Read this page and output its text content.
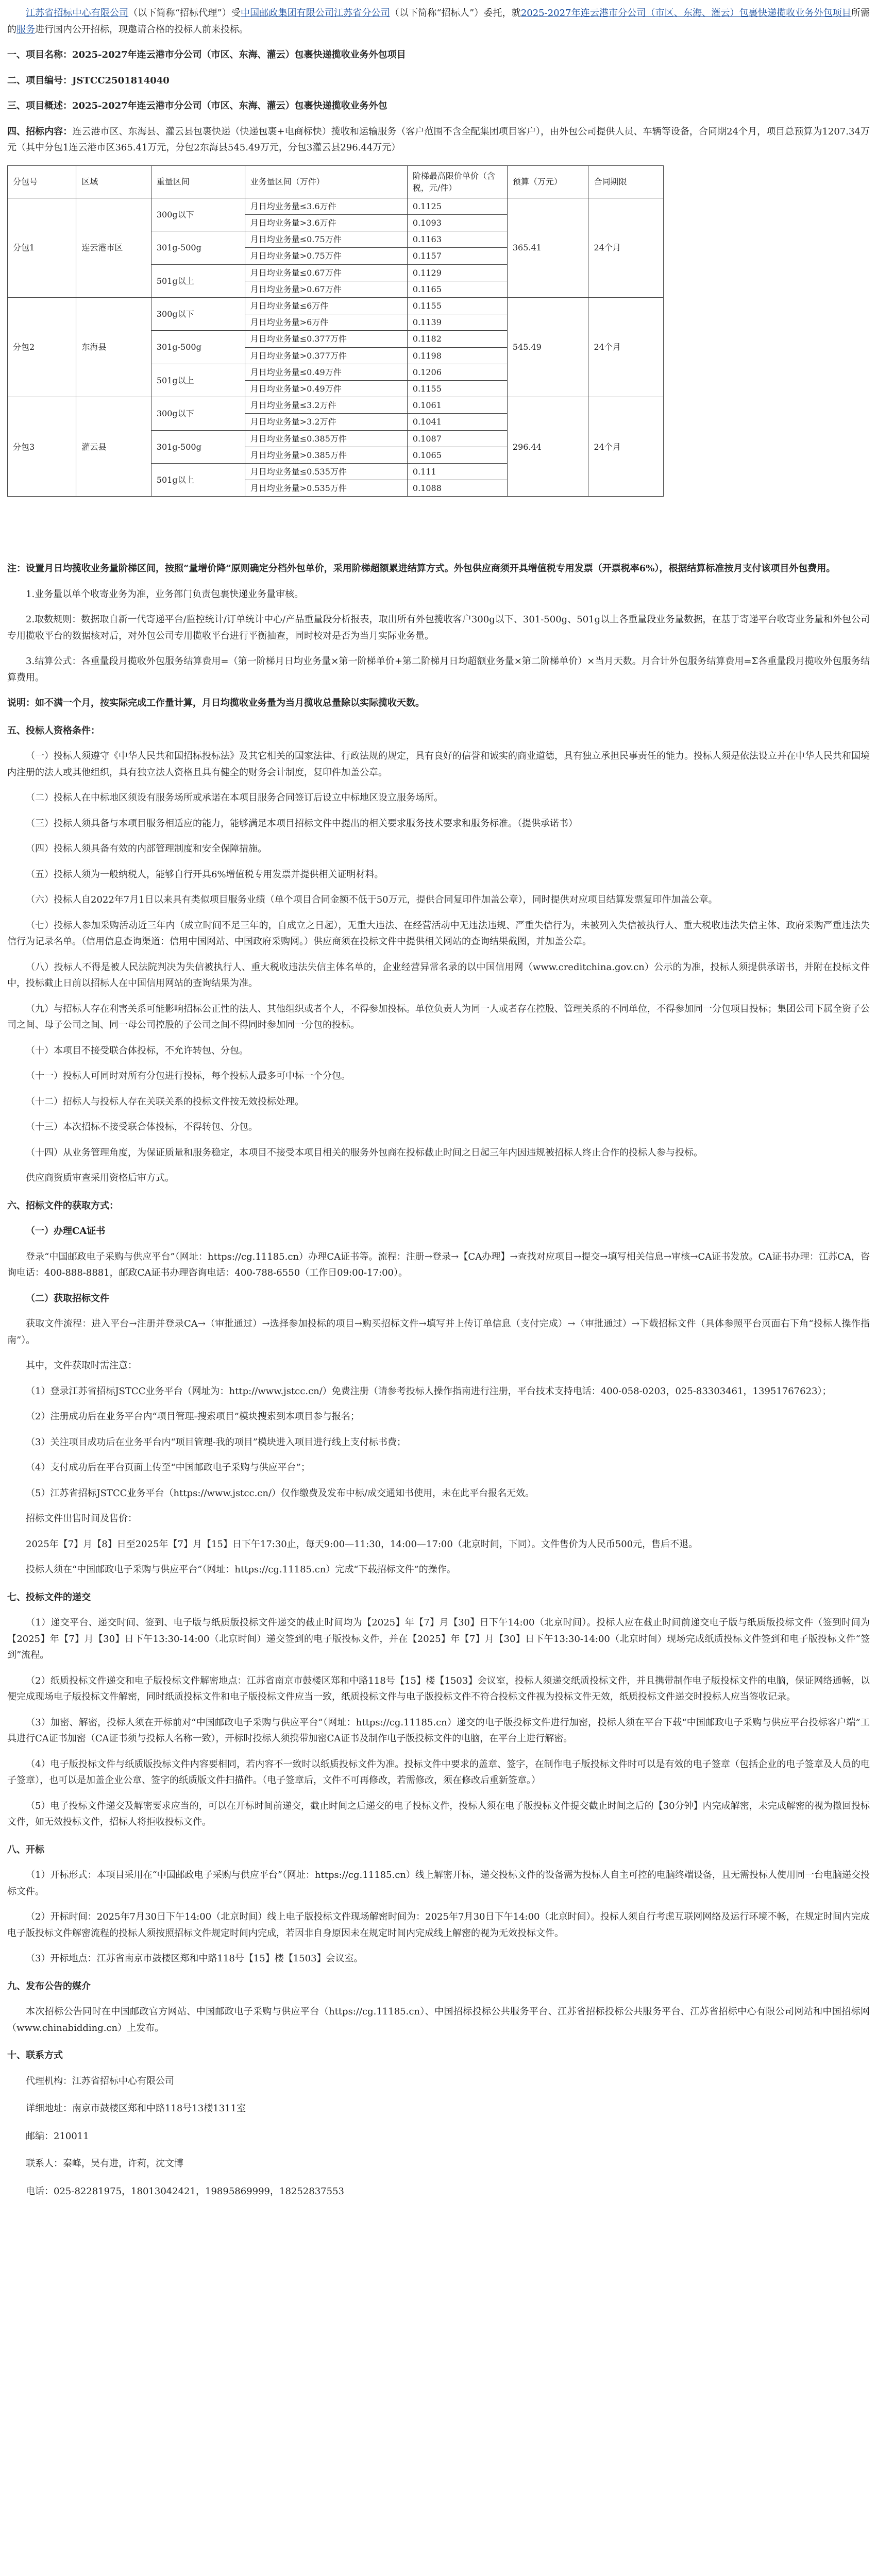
江苏省招标中心有限公司（以下简称“招标代理”）受中国邮政集团有限公司江苏省分公司（以下简称“招标人”）委托，就2025-2027年连云港市分公司（市区、东海、灌云）包裹快递揽收业务外包项目所需的服务进行国内公开招标，现邀请合格的投标人前来投标。

一、项目名称：2025-2027年连云港市分公司（市区、东海、灌云）包裹快递揽收业务外包项目

二、项目编号：JSTCC2501814040

三、项目概述：2025-2027年连云港市分公司（市区、东海、灌云）包裹快递揽收业务外包

四、招标内容：连云港市区、东海县、灌云县包裹快递（快递包裹+电商标快）揽收和运输服务（客户范围不含全配集团项目客户），由外包公司提供人员、车辆等设备，合同期24个月，项目总预算为1207.34万元（其中分包1连云港市区365.41万元，分包2东海县545.49万元，分包3灌云县296.44万元）

分包号	区域	重量区间	业务量区间（万件）	阶梯最高限价单价（含税，元/件）	预算（万元）	合同期限
分包1	连云港市区	300g以下	月日均业务量≤3.6万件	0.1125	365.41	24个月
			月日均业务量>3.6万件	0.1093		
		301g-500g	月日均业务量≤0.75万件	0.1163		
			月日均业务量>0.75万件	0.1157		
		501g以上	月日均业务量≤0.67万件	0.1129		
			月日均业务量>0.67万件	0.1165		
分包2	东海县	300g以下	月日均业务量≤6万件	0.1155	545.49	24个月
			月日均业务量>6万件	0.1139		
		301g-500g	月日均业务量≤0.377万件	0.1182		
			月日均业务量>0.377万件	0.1198		
		501g以上	月日均业务量≤0.49万件	0.1206		
			月日均业务量>0.49万件	0.1155		
分包3	灌云县	300g以下	月日均业务量≤3.2万件	0.1061	296.44	24个月
			月日均业务量>3.2万件	0.1041		
		301g-500g	月日均业务量≤0.385万件	0.1087		
			月日均业务量>0.385万件	0.1065		
		501g以上	月日均业务量≤0.535万件	0.111		
			月日均业务量>0.535万件	0.1088		

注：设置月日均揽收业务量阶梯区间，按照“量增价降”原则确定分档外包单价，采用阶梯超额累进结算方式。外包供应商须开具增值税专用发票（开票税率6%），根据结算标准按月支付该项目外包费用。

1.业务量以单个收寄业务为准，业务部门负责包裹快递业务量审核。

2.取数规则：数据取自新一代寄递平台/监控统计/订单统计中心/产品重量段分析报表，取出所有外包揽收客户300g以下、301-500g、501g以上各重量段业务量数据，在基于寄递平台收寄业务量和外包公司专用揽收平台的数据核对后，对外包公司专用揽收平台进行平衡抽查，同时校对是否为当月实际业务量。

3.结算公式：各重量段月揽收外包服务结算费用=（第一阶梯月日均业务量×第一阶梯单价+第二阶梯月日均超额业务量×第二阶梯单价）×当月天数。月合计外包服务结算费用=Σ各重量段月揽收外包服务结算费用。

说明：如不满一个月，按实际完成工作量计算，月日均揽收业务量为当月揽收总量除以实际揽收天数。

五、投标人资格条件：

（一）投标人须遵守《中华人民共和国招标投标法》及其它相关的国家法律、行政法规的规定，具有良好的信誉和诚实的商业道德，具有独立承担民事责任的能力。投标人须是依法设立并在中华人民共和国境内注册的法人或其他组织，具有独立法人资格且具有健全的财务会计制度，复印件加盖公章。

（二）投标人在中标地区须设有服务场所或承诺在本项目服务合同签订后设立中标地区设立服务场所。

（三）投标人须具备与本项目服务相适应的能力，能够满足本项目招标文件中提出的相关要求服务技术要求和服务标准。（提供承诺书）

（四）投标人须具备有效的内部管理制度和安全保障措施。

（五）投标人须为一般纳税人，能够自行开具6%增值税专用发票并提供相关证明材料。

（六）投标人自2022年7月1日以来具有类似项目服务业绩（单个项目合同金额不低于50万元，提供合同复印件加盖公章），同时提供对应项目结算发票复印件加盖公章。

（七）投标人参加采购活动近三年内（成立时间不足三年的，自成立之日起），无重大违法、在经营活动中无违法违规、严重失信行为，未被列入失信被执行人、重大税收违法失信主体、政府采购严重违法失信行为记录名单。（信用信息查询渠道：信用中国网站、中国政府采购网。）供应商须在投标文件中提供相关网站的查询结果截图，并加盖公章。

（八）投标人不得是被人民法院判决为失信被执行人、重大税收违法失信主体名单的，企业经营异常名录的以中国信用网（www.creditchina.gov.cn）公示的为准，投标人须提供承诺书，并附在投标文件中，投标截止日前以招标人在中国信用网站的查询结果为准。

（九）与招标人存在利害关系可能影响招标公正性的法人、其他组织或者个人，不得参加投标。单位负责人为同一人或者存在控股、管理关系的不同单位，不得参加同一分包项目投标；集团公司下属全资子公司之间、母子公司之间、同一母公司控股的子公司之间不得同时参加同一分包的投标。

（十）本项目不接受联合体投标，不允许转包、分包。

（十一）投标人可同时对所有分包进行投标，每个投标人最多可中标一个分包。

（十二）招标人与投标人存在关联关系的投标文件按无效投标处理。

（十三）本次招标不接受联合体投标，不得转包、分包。

（十四）从业务管理角度，为保证质量和服务稳定，本项目不接受本项目相关的服务外包商在投标截止时间之日起三年内因违规被招标人终止合作的投标人参与投标。

供应商资质审查采用资格后审方式。

六、招标文件的获取方式：

（一）办理CA证书

登录“中国邮政电子采购与供应平台”（网址：https://cg.11185.cn）办理CA证书等。流程：注册→登录→【CA办理】→查找对应项目→提交→填写相关信息→审核→CA证书发放。CA证书办理：江苏CA，咨询电话：400-888-8881，邮政CA证书办理咨询电话：400-788-6550（工作日09:00-17:00）。

（二）获取招标文件

获取文件流程：进入平台→注册并登录CA→（审批通过）→选择参加投标的项目→购买招标文件→填写并上传订单信息（支付完成）→（审批通过）→下载招标文件（具体参照平台页面右下角“投标人操作指南”）。

其中，文件获取时需注意：

（1）登录江苏省招标JSTCC业务平台（网址为：http://www.jstcc.cn/）免费注册（请参考投标人操作指南进行注册，平台技术支持电话：400-058-0203，025-83303461，13951767623）；

（2）注册成功后在业务平台内“项目管理-搜索项目”模块搜索到本项目参与报名；

（3）关注项目成功后在业务平台内“项目管理-我的项目”模块进入项目进行线上支付标书费；

（4）支付成功后在平台页面上传至“中国邮政电子采购与供应平台”；

（5）江苏省招标JSTCC业务平台（https://www.jstcc.cn/）仅作缴费及发布中标/成交通知书使用，未在此平台报名无效。

招标文件出售时间及售价：

2025年【7】月【8】日至2025年【7】月【15】日下午17:30止，每天9:00—11:30，14:00—17:00（北京时间，下同）。文件售价为人民币500元，售后不退。

投标人须在“中国邮政电子采购与供应平台”（网址：https://cg.11185.cn）完成“下载招标文件”的操作。

七、投标文件的递交

（1）递交平台、递交时间、签到、电子版与纸质版投标文件递交的截止时间均为【2025】年【7】月【30】日下午14:00（北京时间）。投标人应在截止时间前递交电子版与纸质版投标文件（签到时间为【2025】年【7】月【30】日下午13:30-14:00（北京时间）递交签到的电子版投标文件，并在【2025】年【7】月【30】日下午13:30-14:00（北京时间）现场完成纸质投标文件签到和电子版投标文件“签到”流程。

（2）纸质投标文件递交和电子版投标文件解密地点：江苏省南京市鼓楼区郑和中路118号【15】楼【1503】会议室，投标人须递交纸质投标文件，并且携带制作电子版投标文件的电脑，保证网络通畅，以便完成现场电子版投标文件解密，同时纸质投标文件和电子版投标文件应当一致，纸质投标文件与电子版投标文件不符合投标文件视为投标文件无效，纸质投标文件递交时投标人应当签收记录。

（3）加密、解密，投标人须在开标前对“中国邮政电子采购与供应平台”（网址：https://cg.11185.cn）递交的电子版投标文件进行加密，投标人须在平台下载“中国邮政电子采购与供应平台投标客户端”工具进行CA证书加密（CA证书须与投标人名称一致），开标时投标人须携带加密CA证书及制作电子版投标文件的电脑，在平台上进行解密。

（4）电子版投标文件与纸质版投标文件内容要相同，若内容不一致时以纸质投标文件为准。投标文件中要求的盖章、签字，在制作电子版投标文件时可以是有效的电子签章（包括企业的电子签章及人员的电子签章），也可以是加盖企业公章、签字的纸质版文件扫描件。（电子签章后，文件不可再修改，若需修改，须在修改后重新签章。）

（5）电子投标文件递交及解密要求应当的，可以在开标时间前递交，截止时间之后递交的电子投标文件，投标人须在电子版投标文件提交截止时间之后的【30分钟】内完成解密，未完成解密的视为撤回投标文件，如无效投标文件，招标人将拒收投标文件。

八、开标

（1）开标形式：本项目采用在“中国邮政电子采购与供应平台”（网址：https://cg.11185.cn）线上解密开标，递交投标文件的设备需为投标人自主可控的电脑终端设备，且无需投标人使用同一台电脑递交投标文件。

（2）开标时间：2025年7月30日下午14:00（北京时间）线上电子版投标文件现场解密时间为：2025年7月30日下午14:00（北京时间）。投标人须自行考虑互联网网络及运行环境不畅，在规定时间内完成电子版投标文件解密流程的投标人须按照招标文件规定时间内完成，若因非自身原因未在规定时间内完成线上解密的视为无效投标文件。

（3）开标地点：江苏省南京市鼓楼区郑和中路118号【15】楼【1503】会议室。

九、发布公告的媒介

本次招标公告同时在中国邮政官方网站、中国邮政电子采购与供应平台（https://cg.11185.cn）、中国招标投标公共服务平台、江苏省招标投标公共服务平台、江苏省招标中心有限公司网站和中国招标网（www.chinabidding.cn）上发布。

十、联系方式

代理机构：江苏省招标中心有限公司

详细地址：南京市鼓楼区郑和中路118号13楼1311室

邮编：210011

联系人：秦峰，吴有进，许莉，沈文博

电话：025-82281975，18013042421，19895869999，18252837553
